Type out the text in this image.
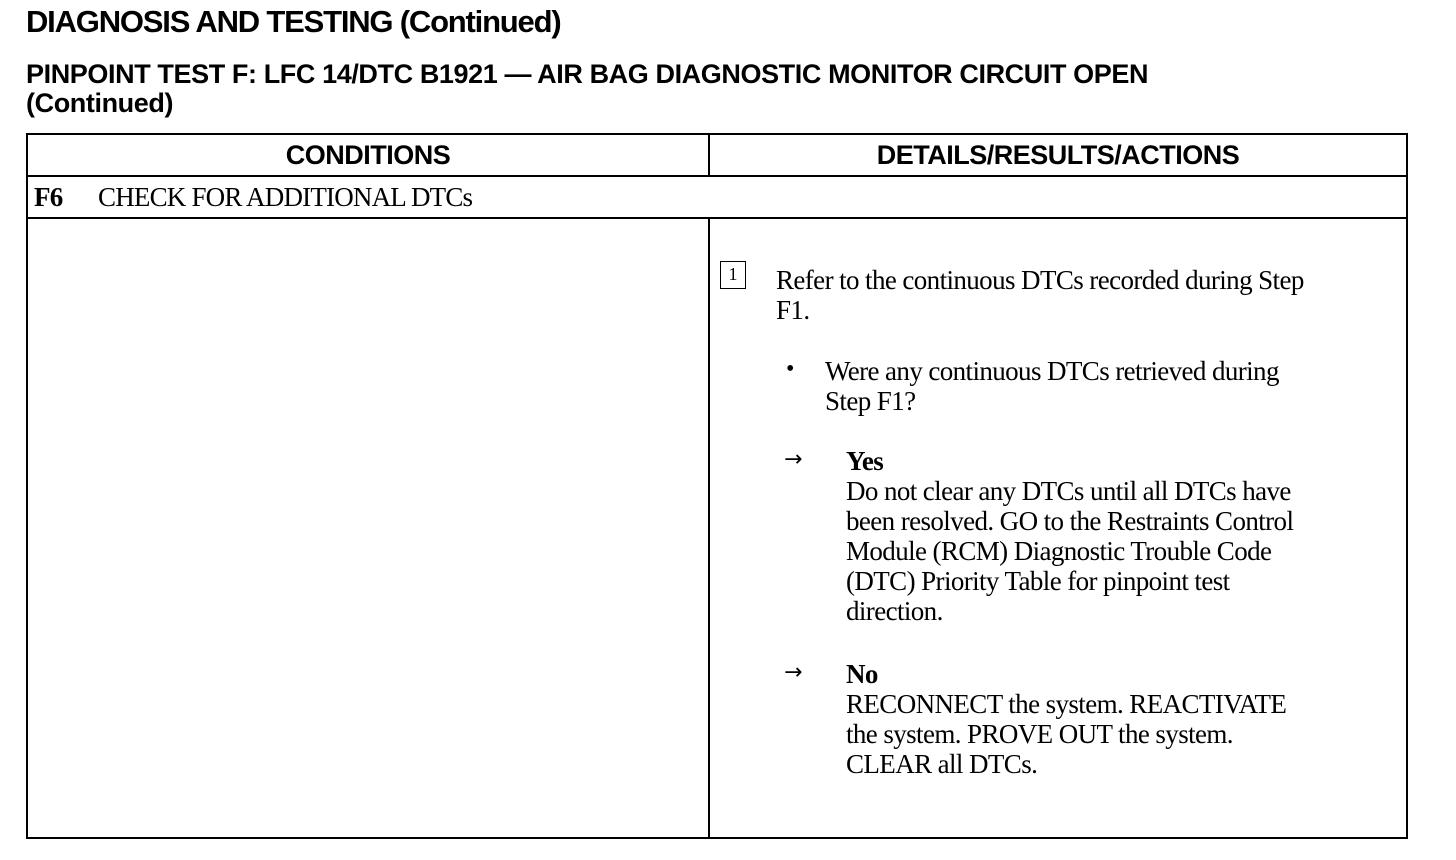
DIAGNOSIS AND TESTING (Continued)
PINPOINT TEST F: LFC 14/DTC B1921 — AIR BAG DIAGNOSTIC MONITOR CIRCUIT OPEN
(Continued)
CONDITIONS	DETAILS/RESULTS/ACTIONS
F6 CHECK FOR ADDITIONAL DTCs
1	Refer to the continuous DTCs recorded during Step
F1.
• Were any continuous DTCs retrieved during
Step F1?
→ Yes
Do not clear any DTCs until all DTCs have
been resolved. GO to the Restraints Control
Module (RCM) Diagnostic Trouble Code
(DTC) Priority Table for pinpoint test
direction.
→ No
RECONNECT the system. REACTIVATE
the system. PROVE OUT the system.
CLEAR all DTCs.
